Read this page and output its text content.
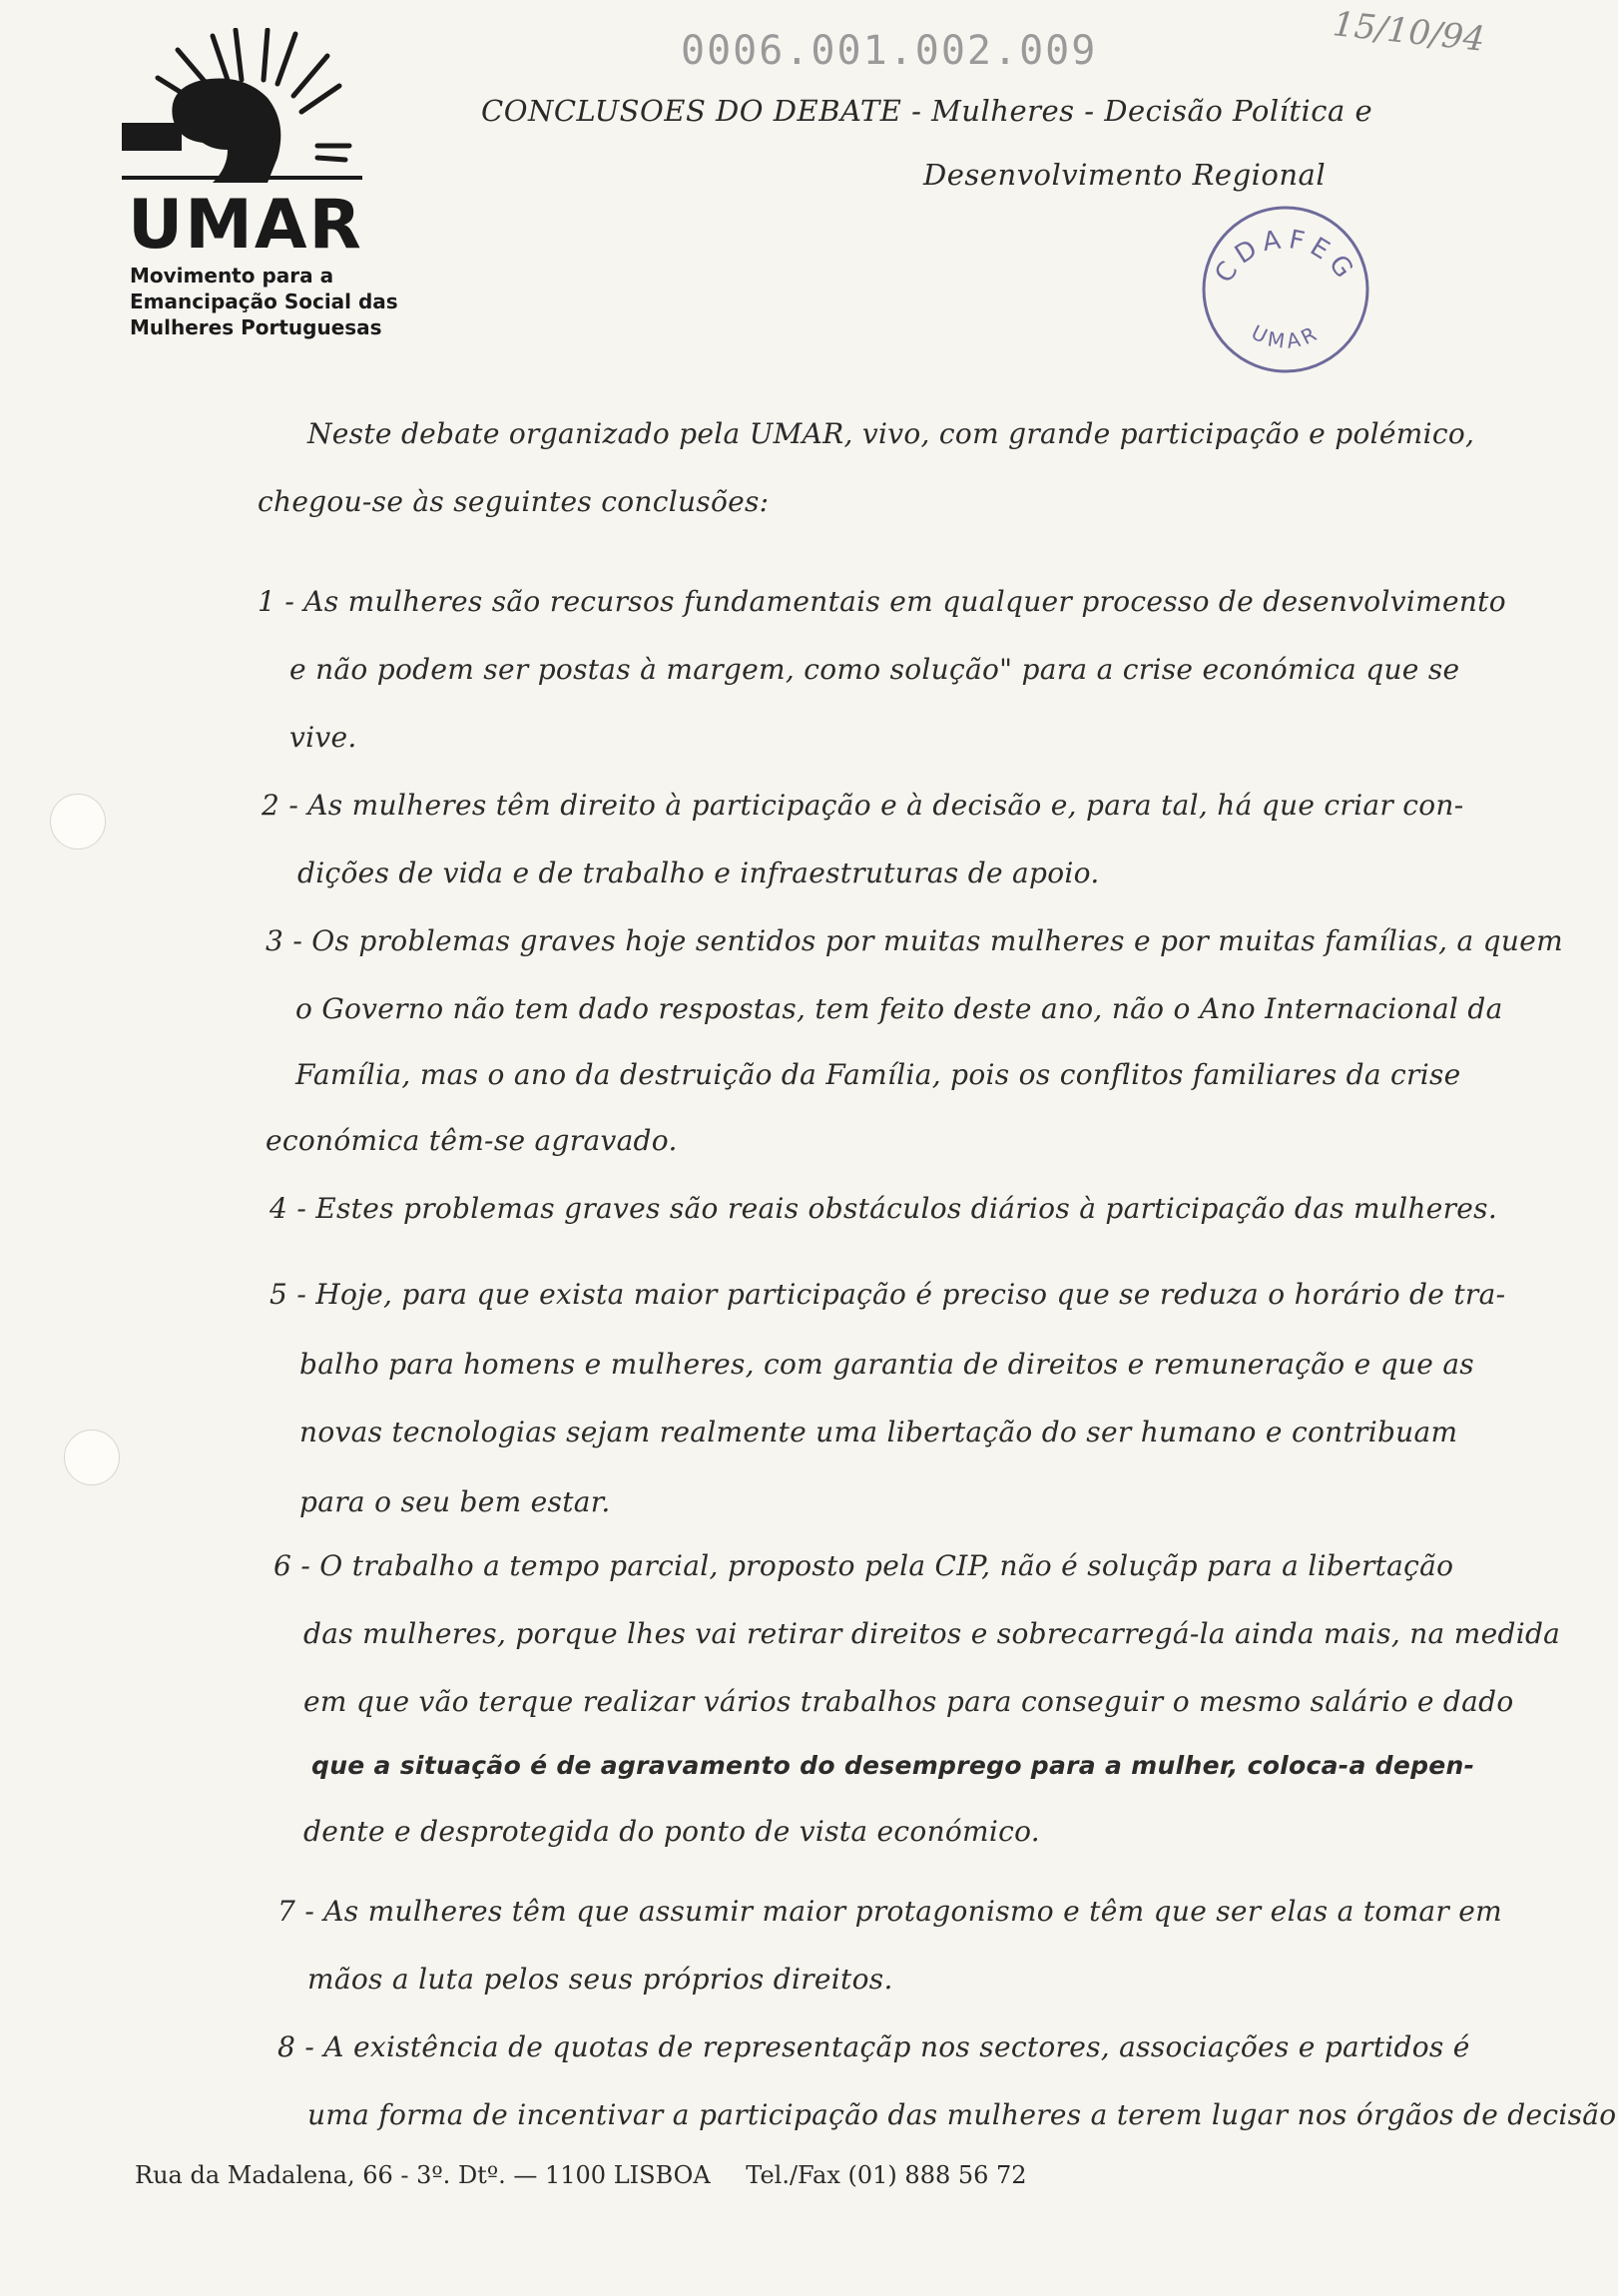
UMAR
Movimento para a
Emancipação Social das
Mulheres Portuguesas
0006.001.002.009	15/10/94
CONCLUSOES DO DEBATE - Mulheres - Decisão Política e
Desenvolvimento Regional
CDAFEG
UMAR
Neste debate organizado pela UMAR, vivo, com grande participação e polémico,
chegou-se às seguintes conclusões:
1 - As mulheres são recursos fundamentais em qualquer processo de desenvolvimento
e não podem ser postas à margem, como solução" para a crise económica que se
vive.
2 - As mulheres têm direito à participação e à decisão e, para tal, há que criar con-
dições de vida e de trabalho e infraestruturas de apoio.
3 - Os problemas graves hoje sentidos por muitas mulheres e por muitas famílias, a quem
o Governo não tem dado respostas, tem feito deste ano, não o Ano Internacional da
Família, mas o ano da destruição da Família, pois os conflitos familiares da crise
económica têm-se agravado.
4 - Estes problemas graves são reais obstáculos diários à participação das mulheres.
5 - Hoje, para que exista maior participação é preciso que se reduza o horário de tra-
balho para homens e mulheres, com garantia de direitos e remuneração e que as
novas tecnologias sejam realmente uma libertação do ser humano e contribuam
para o seu bem estar.
6 - O trabalho a tempo parcial, proposto pela CIP, não é soluçãp para a libertação
das mulheres, porque lhes vai retirar direitos e sobrecarregá-la ainda mais, na medida
em que vão terque realizar vários trabalhos para conseguir o mesmo salário e dado
que a situação é de agravamento do desemprego para a mulher, coloca-a depen-
dente e desprotegida do ponto de vista económico.
7 - As mulheres têm que assumir maior protagonismo e têm que ser elas a tomar em
mãos a luta pelos seus próprios direitos.
8 - A existência de quotas de representaçãp nos sectores, associações e partidos é
uma forma de incentivar a participação das mulheres a terem lugar nos órgãos de decisão
Rua da Madalena, 66 - 3º. Dtº. — 1100 LISBOA Tel./Fax (01) 888 56 72
